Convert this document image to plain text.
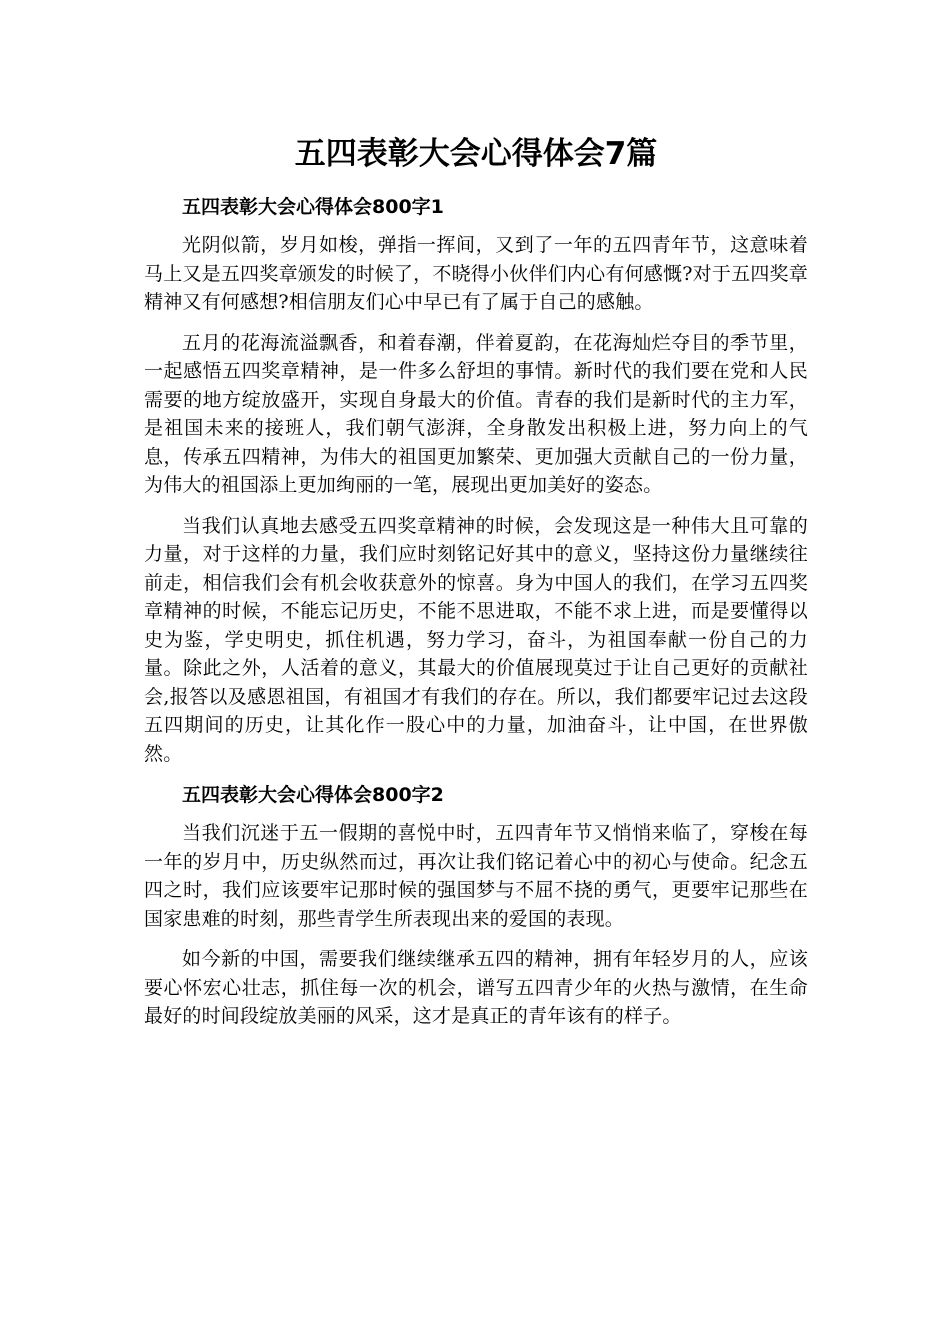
五四表彰大会心得体会7篇
五四表彰大会心得体会800字1

光阴似箭，岁月如梭，弹指一挥间，又到了一年的五四青年节，这意味着马上又是五四奖章颁发的时候了，不晓得小伙伴们内心有何感慨?对于五四奖章精神又有何感想?相信朋友们心中早已有了属于自己的感触。

五月的花海流溢飘香，和着春潮，伴着夏韵，在花海灿烂夺目的季节里，一起感悟五四奖章精神，是一件多么舒坦的事情。新时代的我们要在党和人民需要的地方绽放盛开，实现自身最大的价值。青春的我们是新时代的主力军，是祖国未来的接班人，我们朝气澎湃，全身散发出积极上进，努力向上的气息，传承五四精神，为伟大的祖国更加繁荣、更加强大贡献自己的一份力量，为伟大的祖国添上更加绚丽的一笔，展现出更加美好的姿态。

当我们认真地去感受五四奖章精神的时候，会发现这是一种伟大且可靠的力量，对于这样的力量，我们应时刻铭记好其中的意义，坚持这份力量继续往前走，相信我们会有机会收获意外的惊喜。身为中国人的我们，在学习五四奖章精神的时候，不能忘记历史，不能不思进取，不能不求上进，而是要懂得以史为鉴，学史明史，抓住机遇，努力学习，奋斗，为祖国奉献一份自己的力量。除此之外，人活着的意义，其最大的价值展现莫过于让自己更好的贡献社会,报答以及感恩祖国，有祖国才有我们的存在。所以，我们都要牢记过去这段五四期间的历史，让其化作一股心中的力量，加油奋斗，让中国，在世界傲然。

五四表彰大会心得体会800字2

当我们沉迷于五一假期的喜悦中时，五四青年节又悄悄来临了，穿梭在每一年的岁月中，历史纵然而过，再次让我们铭记着心中的初心与使命。纪念五四之时，我们应该要牢记那时候的强国梦与不屈不挠的勇气，更要牢记那些在国家患难的时刻，那些青学生所表现出来的爱国的表现。

如今新的中国，需要我们继续继承五四的精神，拥有年轻岁月的人，应该要心怀宏心壮志，抓住每一次的机会，谱写五四青少年的火热与激情，在生命最好的时间段绽放美丽的风采，这才是真正的青年该有的样子。
